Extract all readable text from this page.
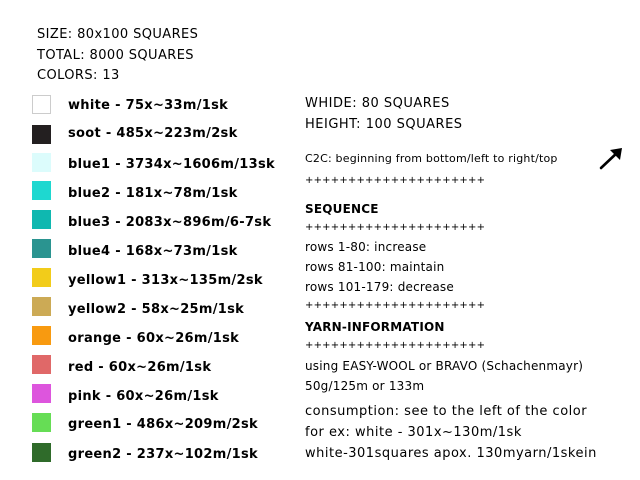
SIZE: 80x100 SQUARES
TOTAL: 8000 SQUARES
COLORS: 13
white - 75x~33m/1sk
soot - 485x~223m/2sk
blue1 - 3734x~1606m/13sk
blue2 - 181x~78m/1sk
blue3 - 2083x~896m/6-7sk
blue4 - 168x~73m/1sk
yellow1 - 313x~135m/2sk
yellow2 - 58x~25m/1sk
orange - 60x~26m/1sk
red - 60x~26m/1sk
pink - 60x~26m/1sk
green1 - 486x~209m/2sk
green2 - 237x~102m/1sk
WHIDE: 80 SQUARES
HEIGHT: 100 SQUARES
C2C: beginning from bottom/left to right/top
+++++++++++++++++++++
SEQUENCE
+++++++++++++++++++++
rows 1-80: increase
rows 81-100: maintain
rows 101-179: decrease
+++++++++++++++++++++
YARN-INFORMATION
+++++++++++++++++++++
using EASY-WOOL or BRAVO (Schachenmayr)
50g/125m or 133m
consumption: see to the left of the color
for ex: white - 301x~130m/1sk
white-301squares apox. 130myarn/1skein
